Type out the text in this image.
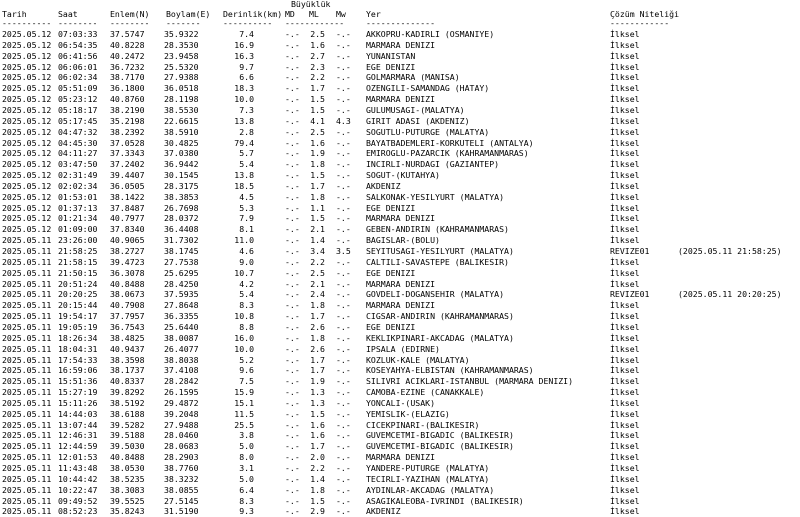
Büyüklük
Tarih	Saat	Enlem(N) Boylam(E) Derinlik(km) MD ML Mw Yer	Çözüm Niteliği
---------- -------- -------- -------	---------- ------------	--------------	------------
2025.05.12 07:03:33 37.5747 35.9322	7.4	-.- 2.5 -.- AKKOPRU-KADIRLI (OSMANIYE)	İlksel
2025.05.12 06:54:35 40.8228 28.3530	16.9	-.- 1.6 -.- MARMARA DENIZI	İlksel
2025.05.12 06:41:56 40.2472 23.9458	16.3	-.- 2.7 -.- YUNANISTAN	İlksel
2025.05.12 06:06:01 36.7232 25.5320	9.7	-.- 2.3 -.- EGE DENIZI	İlksel
2025.05.12 06:02:34 38.7170 27.9388	6.6	-.- 2.2 -.- GOLMARMARA (MANISA)	İlksel
2025.05.12 05:51:09 36.1800 36.0518	18.3	-.- 1.7 -.- OZENGILI-SAMANDAG (HATAY)	İlksel
2025.05.12 05:23:12 40.8760 28.1198	10.0	-.- 1.5 -.- MARMARA DENIZI	İlksel
2025.05.12 05:18:17 38.2190 38.5530	7.3	-.- 1.5 -.- GULUMUSAGI-(MALATYA)	İlksel
2025.05.12 05:17:45 35.2198 22.6615	13.8	-.- 4.1 4.3 GIRIT ADASI (AKDENIZ)	İlksel
2025.05.12 04:47:32 38.2392 38.5910	2.8	-.- 2.5 -.- SOGUTLU-PUTURGE (MALATYA)	İlksel
2025.05.12 04:45:30 37.0528 30.4825	79.4	-.- 1.6 -.- BAYATBADEMLERI-KORKUTELI (ANTALYA)	İlksel
2025.05.12 04:11:27 37.3343 37.0380	5.7	-.- 1.9 -.- EMIROGLU-PAZARCIK (KAHRAMANMARAS)	İlksel
2025.05.12 03:47:50 37.2402 36.9442	5.4	-.- 1.8 -.- INCIRLI-NURDAGI (GAZIANTEP)	İlksel
2025.05.12 02:31:49 39.4407 30.1545	13.8	-.- 1.5 -.- SOGUT-(KUTAHYA)	İlksel
2025.05.12 02:02:34 36.0505 28.3175	18.5	-.- 1.7 -.- AKDENIZ	İlksel
2025.05.12 01:53:01 38.1422 38.3853	4.5	-.- 1.8 -.- SALKONAK-YESILYURT (MALATYA)	İlksel
2025.05.12 01:37:13 37.8487 26.7698	5.3	-.- 1.1 -.- EGE DENIZI	İlksel
2025.05.12 01:21:34 40.7977 28.0372	7.9	-.- 1.5 -.- MARMARA DENIZI	İlksel
2025.05.12 01:09:00 37.8340 36.4408	8.1	-.- 2.1 -.- GEBEN-ANDIRIN (KAHRAMANMARAS)	İlksel
2025.05.11 23:26:00 40.9065 31.7302	11.0	-.- 1.4 -.- BAGISLAR-(BOLU)	İlksel
2025.05.11 21:58:25 38.2727 38.1745	4.6	-.- 3.4 3.5 SEYITUSAGI-YESILYURT (MALATYA)	REVIZE01	(2025.05.11 21:58:25)
2025.05.11 21:58:15 39.4723 27.7538	9.0	-.- 2.2 -.- CALTILI-SAVASTEPE (BALIKESIR)	İlksel
2025.05.11 21:50:15 36.3078 25.6295	10.7	-.- 2.5 -.- EGE DENIZI	İlksel
2025.05.11 20:51:24 40.8488 28.4250	4.2	-.- 2.1 -.- MARMARA DENIZI	İlksel
2025.05.11 20:20:25 38.0673 37.5935	5.4	-.- 2.4 -.- GOVDELI-DOGANSEHIR (MALATYA)	REVIZE01	(2025.05.11 20:20:25)
2025.05.11 20:15:44 40.7908 27.8648	8.3	-.- 1.8 -.- MARMARA DENIZI	İlksel
2025.05.11 19:54:17 37.7957 36.3355	10.8	-.- 1.7 -.- CIGSAR-ANDIRIN (KAHRAMANMARAS)	İlksel
2025.05.11 19:05:19 36.7543 25.6440	8.8	-.- 2.6 -.- EGE DENIZI	İlksel
2025.05.11 18:26:34 38.4825 38.0087	16.0	-.- 1.8 -.- KEKLIKPINARI-AKCADAG (MALATYA)	İlksel
2025.05.11 18:04:31 40.9437 26.4077	10.0	-.- 2.6 -.- IPSALA (EDIRNE)	İlksel
2025.05.11 17:54:33 38.3598 38.8038	5.2	-.- 1.7 -.- KOZLUK-KALE (MALATYA)	İlksel
2025.05.11 16:59:06 38.1737 37.4108	9.6	-.- 1.7 -.- KOSEYAHYA-ELBISTAN (KAHRAMANMARAS)	İlksel
2025.05.11 15:51:36 40.8337 28.2842	7.5	-.- 1.9 -.- SILIVRI ACIKLARI-ISTANBUL (MARMARA DENIZI)	İlksel
2025.05.11 15:27:19 39.8292 26.1595	15.9	-.- 1.3 -.- CAMOBA-EZINE (CANAKKALE)	İlksel
2025.05.11 15:11:26 38.5192 29.4872	15.1	-.- 1.3 -.- YONCALI-(USAK)	İlksel
2025.05.11 14:44:03 38.6188 39.2048	11.5	-.- 1.5 -.- YEMISLIK-(ELAZIG)	İlksel
2025.05.11 13:07:44 39.5282 27.9488	25.5	-.- 1.6 -.- CICEKPINARI-(BALIKESIR)	İlksel
2025.05.11 12:46:31 39.5188 28.0460	3.8	-.- 1.6 -.- GUVEMCETMI-BIGADIC (BALIKESIR)	İlksel
2025.05.11 12:44:59 39.5030 28.0683	5.0	-.- 1.7 -.- GUVEMCETMI-BIGADIC (BALIKESIR)	İlksel
2025.05.11 12:01:53 40.8488 28.2903	8.0	-.- 2.0 -.- MARMARA DENIZI	İlksel
2025.05.11 11:43:48 38.0530 38.7760	3.1	-.- 2.2 -.- YANDERE-PUTURGE (MALATYA)	İlksel
2025.05.11 10:44:42 38.5235 38.3232	5.0	-.- 1.4 -.- TECIRLI-YAZIHAN (MALATYA)	İlksel
2025.05.11 10:22:47 38.3083 38.0855	6.4	-.- 1.8 -.- AYDINLAR-AKCADAG (MALATYA)	İlksel
2025.05.11 09:49:52 39.5525 27.5145	8.3	-.- 1.5 -.- ASAGIKALEOBA-IVRINDI (BALIKESIR)	İlksel
2025.05.11 08:52:23 35.8243 31.5190	9.3	-.- 2.9 -.- AKDENIZ	İlksel
